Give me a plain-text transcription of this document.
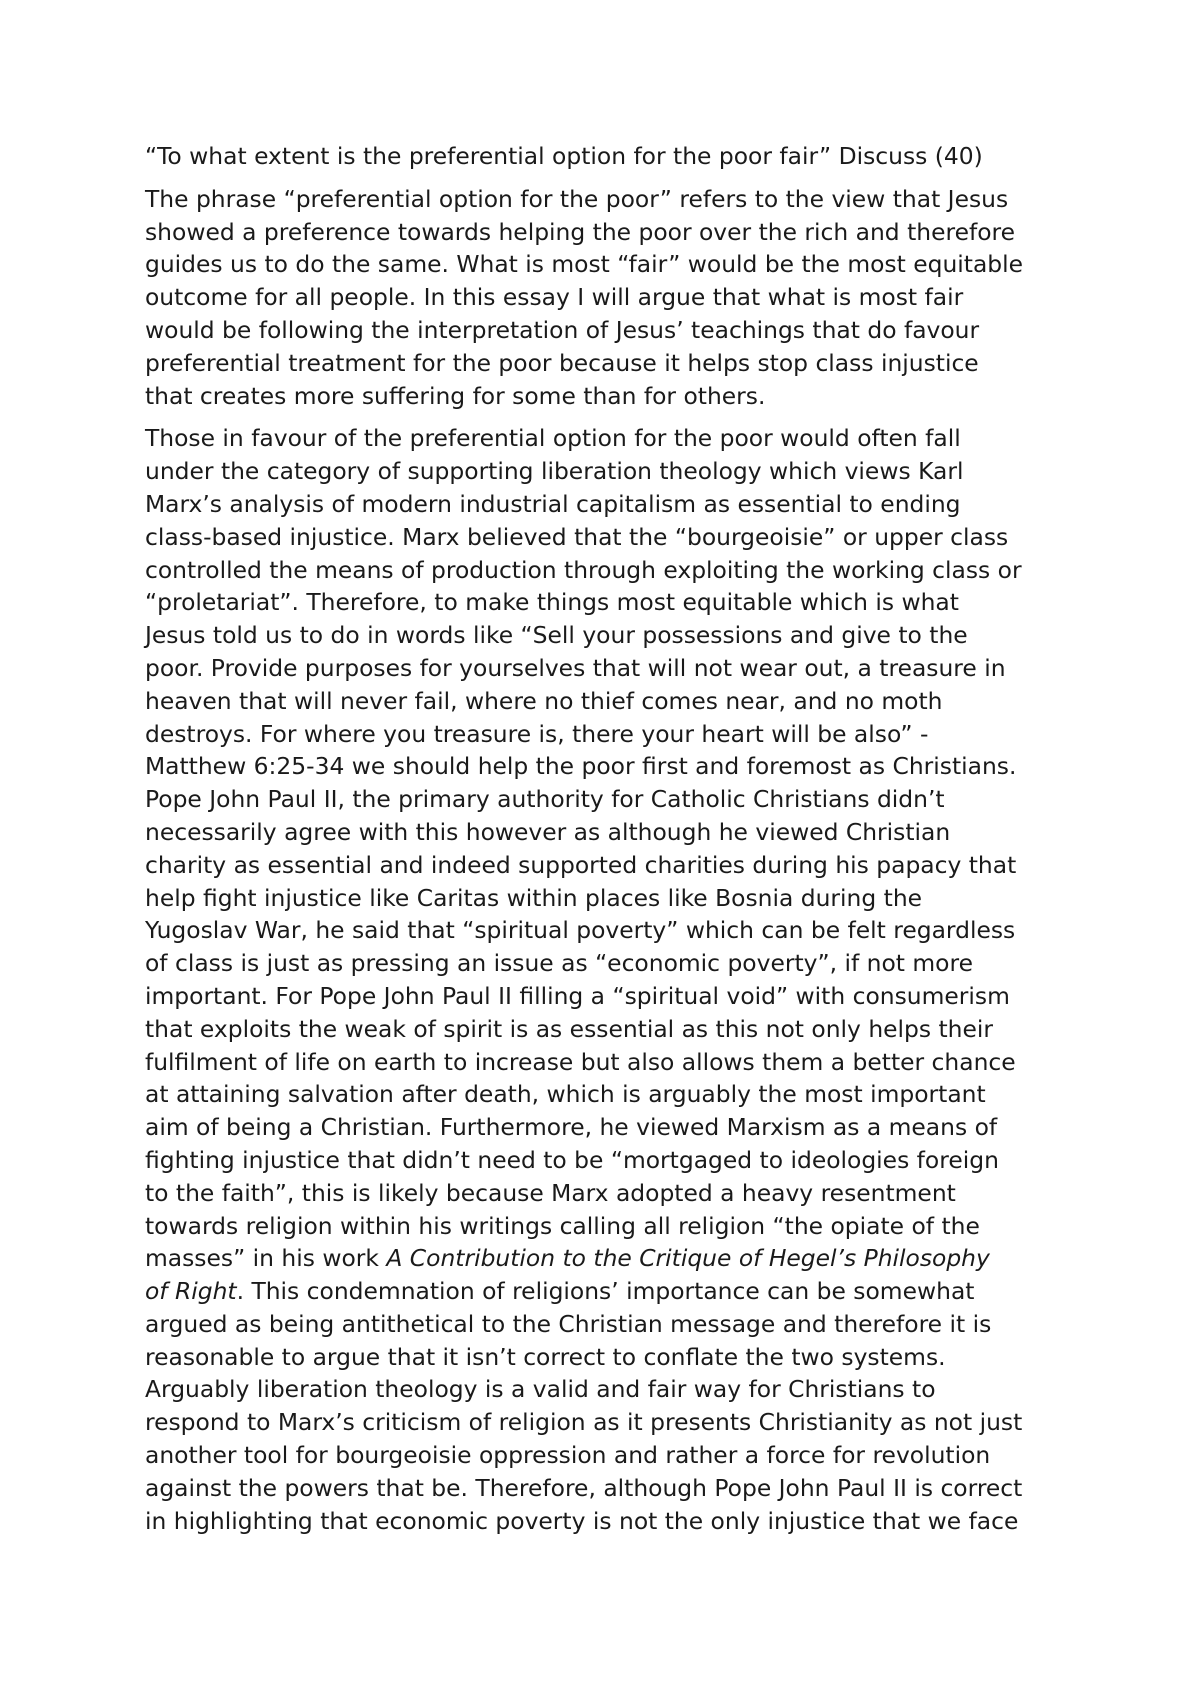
“To what extent is the preferential option for the poor fair” Discuss (40)
The phrase “preferential option for the poor” refers to the view that Jesus
showed a preference towards helping the poor over the rich and therefore
guides us to do the same. What is most “fair” would be the most equitable
outcome for all people. In this essay I will argue that what is most fair
would be following the interpretation of Jesus’ teachings that do favour
preferential treatment for the poor because it helps stop class injustice
that creates more suffering for some than for others.
Those in favour of the preferential option for the poor would often fall
under the category of supporting liberation theology which views Karl
Marx’s analysis of modern industrial capitalism as essential to ending
class-based injustice. Marx believed that the “bourgeoisie” or upper class
controlled the means of production through exploiting the working class or
“proletariat”. Therefore, to make things most equitable which is what
Jesus told us to do in words like “Sell your possessions and give to the
poor. Provide purposes for yourselves that will not wear out, a treasure in
heaven that will never fail, where no thief comes near, and no moth
destroys. For where you treasure is, there your heart will be also” -
Matthew 6:25-34 we should help the poor first and foremost as Christians.
Pope John Paul II, the primary authority for Catholic Christians didn’t
necessarily agree with this however as although he viewed Christian
charity as essential and indeed supported charities during his papacy that
help fight injustice like Caritas within places like Bosnia during the
Yugoslav War, he said that “spiritual poverty” which can be felt regardless
of class is just as pressing an issue as “economic poverty”, if not more
important. For Pope John Paul II filling a “spiritual void” with consumerism
that exploits the weak of spirit is as essential as this not only helps their
fulfilment of life on earth to increase but also allows them a better chance
at attaining salvation after death, which is arguably the most important
aim of being a Christian. Furthermore, he viewed Marxism as a means of
fighting injustice that didn’t need to be “mortgaged to ideologies foreign
to the faith”, this is likely because Marx adopted a heavy resentment
towards religion within his writings calling all religion “the opiate of the
masses” in his work A Contribution to the Critique of Hegel’s Philosophy
of Right. This condemnation of religions’ importance can be somewhat
argued as being antithetical to the Christian message and therefore it is
reasonable to argue that it isn’t correct to conflate the two systems.
Arguably liberation theology is a valid and fair way for Christians to
respond to Marx’s criticism of religion as it presents Christianity as not just
another tool for bourgeoisie oppression and rather a force for revolution
against the powers that be. Therefore, although Pope John Paul II is correct
in highlighting that economic poverty is not the only injustice that we face
